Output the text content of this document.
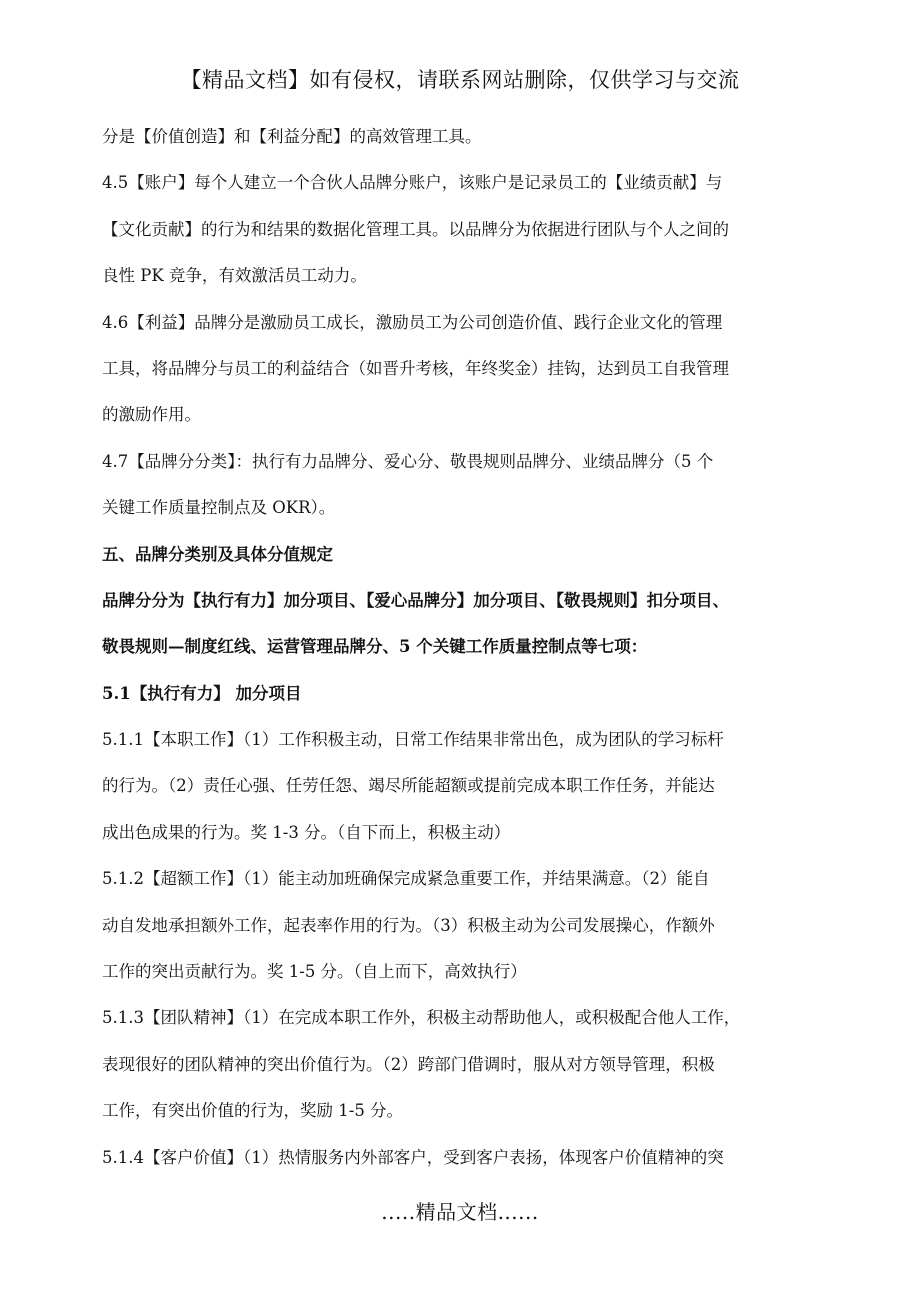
【精品文档】如有侵权，请联系网站删除，仅供学习与交流
分是【价值创造】和【利益分配】的高效管理工具。
4.5【账户】每个人建立一个合伙人品牌分账户，该账户是记录员工的【业绩贡献】与
【文化贡献】的行为和结果的数据化管理工具。以品牌分为依据进行团队与个人之间的
良性 PK 竞争，有效激活员工动力。
4.6【利益】品牌分是激励员工成长，激励员工为公司创造价值、践行企业文化的管理
工具，将品牌分与员工的利益结合（如晋升考核，年终奖金）挂钩，达到员工自我管理
的激励作用。
4.7【品牌分分类】：执行有力品牌分、爱心分、敬畏规则品牌分、业绩品牌分（5 个
关键工作质量控制点及 OKR）。
五、品牌分类别及具体分值规定
品牌分分为【执行有力】加分项目、【爱心品牌分】加分项目、【敬畏规则】扣分项目、
敬畏规则—制度红线、运营管理品牌分、5 个关键工作质量控制点等七项：
5.1【执行有力】 加分项目
5.1.1【本职工作】（1）工作积极主动，日常工作结果非常出色，成为团队的学习标杆
的行为。（2）责任心强、任劳任怨、竭尽所能超额或提前完成本职工作任务，并能达
成出色成果的行为。奖 1-3 分。（自下而上，积极主动）
5.1.2【超额工作】（1）能主动加班确保完成紧急重要工作，并结果满意。（2）能自
动自发地承担额外工作，起表率作用的行为。（3）积极主动为公司发展操心，作额外
工作的突出贡献行为。奖 1-5 分。（自上而下，高效执行）
5.1.3【团队精神】（1）在完成本职工作外，积极主动帮助他人，或积极配合他人工作，
表现很好的团队精神的突出价值行为。（2）跨部门借调时，服从对方领导管理，积极
工作，有突出价值的行为，奖励 1-5 分。
5.1.4【客户价值】（1）热情服务内外部客户，受到客户表扬，体现客户价值精神的突
.....精品文档......
